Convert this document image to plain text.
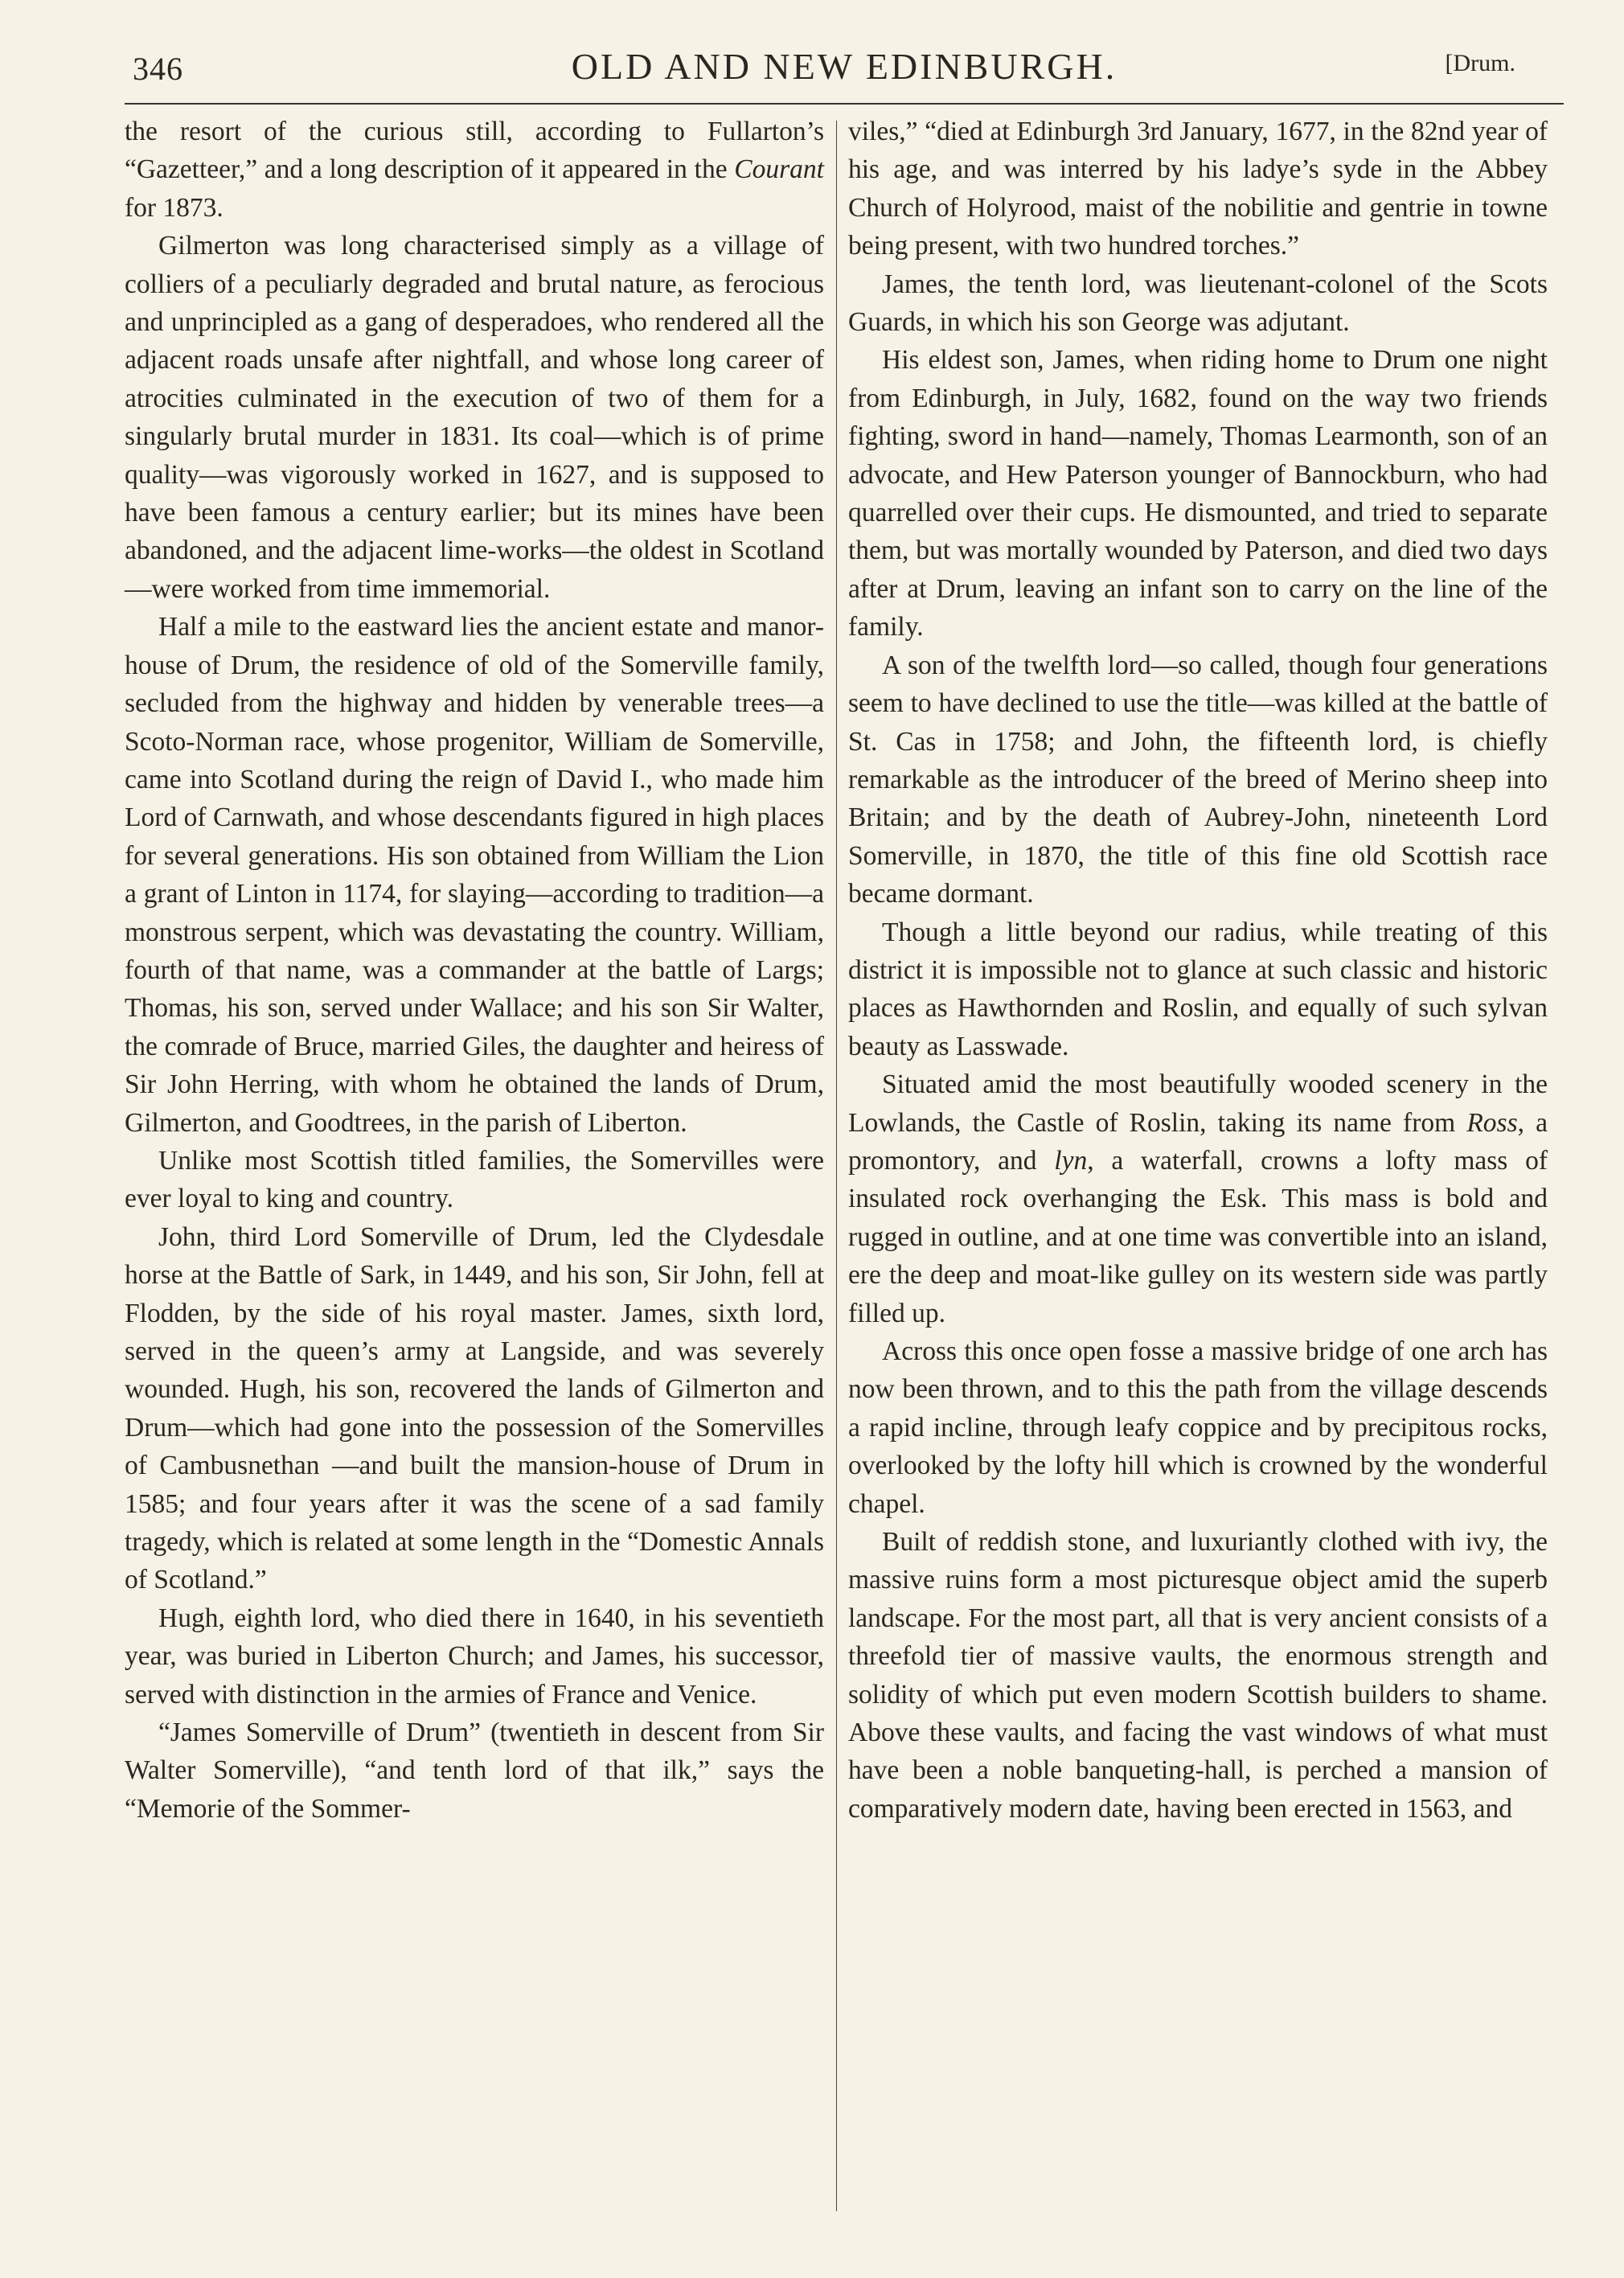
346	OLD AND NEW EDINBURGH.	[Drum.

the resort of the curious still, according to Fullarton’s “Gazetteer,” and a long description of it appeared in the Courant for 1873.

Gilmerton was long characterised simply as a village of colliers of a peculiarly degraded and brutal nature, as ferocious and unprincipled as a gang of desperadoes, who rendered all the adjacent roads unsafe after nightfall, and whose long career of atrocities culminated in the execution of two of them for a singularly brutal murder in 1831. Its coal—which is of prime quality—was vigorously worked in 1627, and is supposed to have been famous a century earlier; but its mines have been abandoned, and the adjacent lime-works—the oldest in Scotland—were worked from time immemorial.

Half a mile to the eastward lies the ancient estate and manor-house of Drum, the residence of old of the Somerville family, secluded from the highway and hidden by venerable trees—a Scoto-Norman race, whose progenitor, William de Somerville, came into Scotland during the reign of David I., who made him Lord of Carnwath, and whose descendants figured in high places for several generations. His son obtained from William the Lion a grant of Linton in 1174, for slaying—according to tradition—a monstrous serpent, which was devastating the country. William, fourth of that name, was a commander at the battle of Largs; Thomas, his son, served under Wallace; and his son Sir Walter, the comrade of Bruce, married Giles, the daughter and heiress of Sir John Herring, with whom he obtained the lands of Drum, Gilmerton, and Goodtrees, in the parish of Liberton.

Unlike most Scottish titled families, the Somervilles were ever loyal to king and country.

John, third Lord Somerville of Drum, led the Clydesdale horse at the Battle of Sark, in 1449, and his son, Sir John, fell at Flodden, by the side of his royal master. James, sixth lord, served in the queen’s army at Langside, and was severely wounded. Hugh, his son, recovered the lands of Gilmerton and Drum—which had gone into the possession of the Somervilles of Cambusnethan —and built the mansion-house of Drum in 1585; and four years after it was the scene of a sad family tragedy, which is related at some length in the “Domestic Annals of Scotland.”

Hugh, eighth lord, who died there in 1640, in his seventieth year, was buried in Liberton Church; and James, his successor, served with distinction in the armies of France and Venice.

“James Somerville of Drum” (twentieth in descent from Sir Walter Somerville), “and tenth lord of that ilk,” says the “Memorie of the Sommer-

viles,” “died at Edinburgh 3rd January, 1677, in the 82nd year of his age, and was interred by his ladye’s syde in the Abbey Church of Holyrood, maist of the nobilitie and gentrie in towne being present, with two hundred torches.”

James, the tenth lord, was lieutenant-colonel of the Scots Guards, in which his son George was adjutant.

His eldest son, James, when riding home to Drum one night from Edinburgh, in July, 1682, found on the way two friends fighting, sword in hand—namely, Thomas Learmonth, son of an advocate, and Hew Paterson younger of Bannockburn, who had quarrelled over their cups. He dismounted, and tried to separate them, but was mortally wounded by Paterson, and died two days after at Drum, leaving an infant son to carry on the line of the family.

A son of the twelfth lord—so called, though four generations seem to have declined to use the title—was killed at the battle of St. Cas in 1758; and John, the fifteenth lord, is chiefly remarkable as the introducer of the breed of Merino sheep into Britain; and by the death of Aubrey-John, nineteenth Lord Somerville, in 1870, the title of this fine old Scottish race became dormant.

Though a little beyond our radius, while treating of this district it is impossible not to glance at such classic and historic places as Hawthornden and Roslin, and equally of such sylvan beauty as Lasswade.

Situated amid the most beautifully wooded scenery in the Lowlands, the Castle of Roslin, taking its name from Ross, a promontory, and lyn, a waterfall, crowns a lofty mass of insulated rock overhanging the Esk. This mass is bold and rugged in outline, and at one time was convertible into an island, ere the deep and moat-like gulley on its western side was partly filled up.

Across this once open fosse a massive bridge of one arch has now been thrown, and to this the path from the village descends a rapid incline, through leafy coppice and by precipitous rocks, overlooked by the lofty hill which is crowned by the wonderful chapel.

Built of reddish stone, and luxuriantly clothed with ivy, the massive ruins form a most picturesque object amid the superb landscape. For the most part, all that is very ancient consists of a threefold tier of massive vaults, the enormous strength and solidity of which put even modern Scottish builders to shame. Above these vaults, and facing the vast windows of what must have been a noble banqueting-hall, is perched a mansion of comparatively modern date, having been erected in 1563, and
